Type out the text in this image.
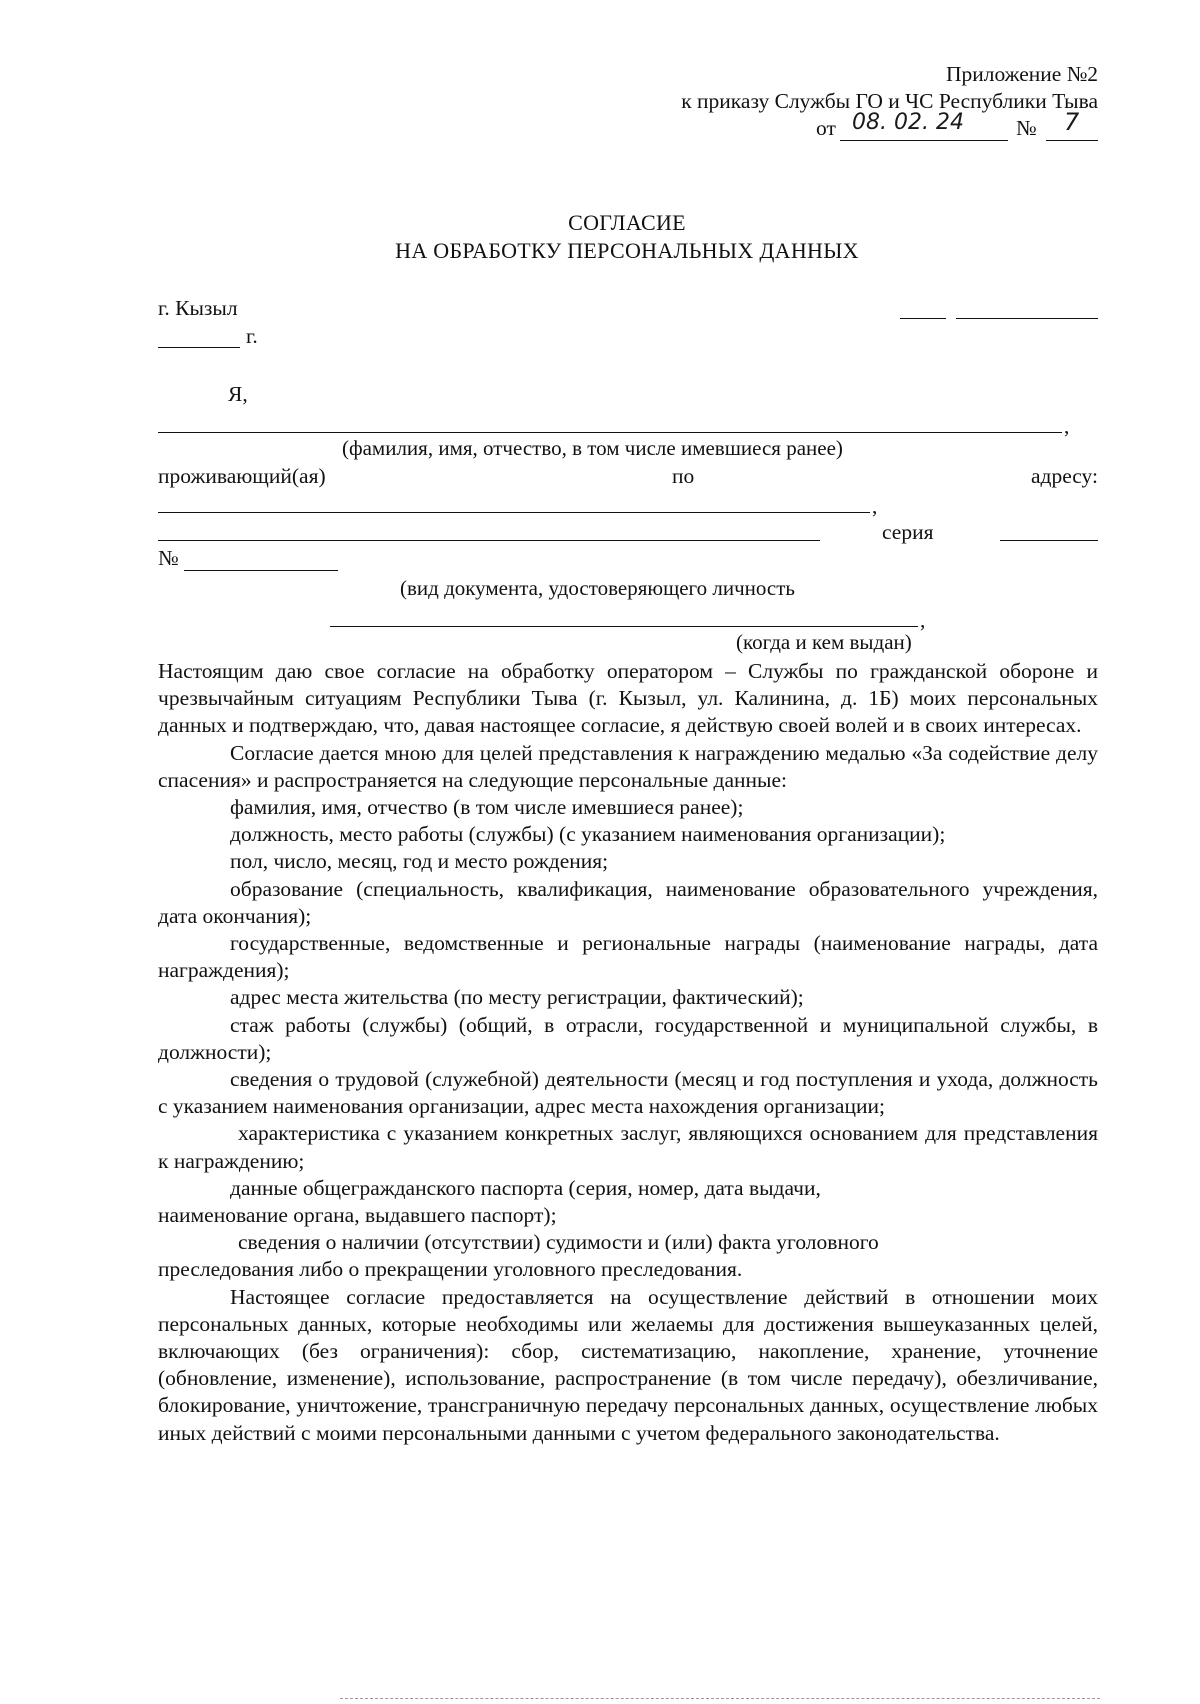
Приложение №2
к приказу Службы ГО и ЧС Республики Тыва
от 08. 02. 24 № 7
СОГЛАСИЕ
НА ОБРАБОТКУ ПЕРСОНАЛЬНЫХ ДАННЫХ
г. Кызыл
г.
Я,
,
(фамилия, имя, отчество, в том числе имевшиеся ранее)
проживающий(ая)	по	адресу:
,
серия
№
(вид документа, удостоверяющего личность
,
(когда и кем выдан)

Настоящим даю свое согласие на обработку оператором – Службы по гражданской обороне и чрезвычайным ситуациям Республики Тыва (г. Кызыл, ул. Калинина, д. 1Б) моих персональных данных и подтверждаю, что, давая настоящее согласие, я действую своей волей и в своих интересах.

Согласие дается мною для целей представления к награждению медалью «За содействие делу спасения» и распространяется на следующие персональные данные:

фамилия, имя, отчество (в том числе имевшиеся ранее);

должность, место работы (службы) (с указанием наименования организации);

пол, число, месяц, год и место рождения;

образование (специальность, квалификация, наименование образовательного учреждения, дата окончания);

государственные, ведомственные и региональные награды (наименование награды, дата награждения);

адрес места жительства (по месту регистрации, фактический);

стаж работы (службы) (общий, в отрасли, государственной и муниципальной службы, в должности);

сведения о трудовой (служебной) деятельности (месяц и год поступления и ухода, должность с указанием наименования организации, адрес места нахождения организации;

характеристика с указанием конкретных заслуг, являющихся основанием для представления к награждению;

данные общегражданского паспорта (серия, номер, дата выдачи,

наименование органа, выдавшего паспорт);

сведения о наличии (отсутствии) судимости и (или) факта уголовного

преследования либо о прекращении уголовного преследования.

Настоящее согласие предоставляется на осуществление действий в отношении моих персональных данных, которые необходимы или желаемы для достижения вышеуказанных целей, включающих (без ограничения): сбор, систематизацию, накопление, хранение, уточнение (обновление, изменение), использование, распространение (в том числе передачу), обезличивание, блокирование, уничтожение, трансграничную передачу персональных данных, осуществление любых иных действий с моими персональными данными с учетом федерального законодательства.
